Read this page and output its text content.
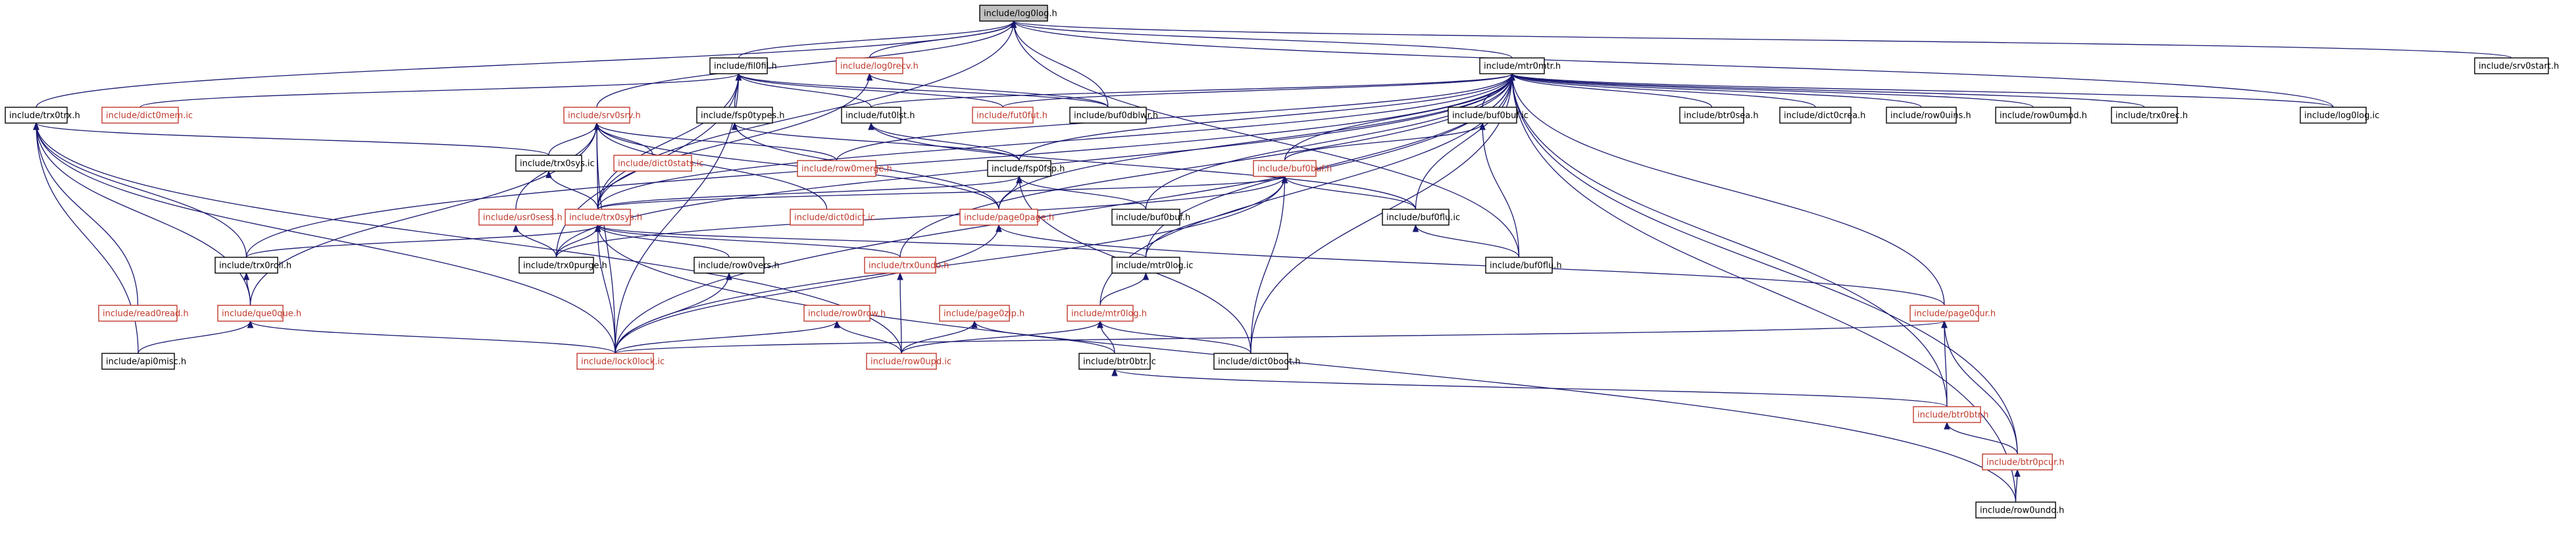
include/log0log.h
include/fil0fil.h	include/log0recv.h	include/mtr0mtr.h	include/srv0start.h
include/trx0trx.h	include/dict0mem.ic	include/srv0srv.h	include/fsp0types.h	include/fut0lst.h	include/fut0fut.h	include/buf0dblwr.h	include/buf0buf.ic	include/btr0sea.h	include/dict0crea.h	include/row0uins.h	include/row0umod.h	include/trx0rec.h	include/log0log.ic
include/trx0sys.ic	include/dict0stats.ic
include/row0merge.h	include/fsp0fsp.h	include/buf0buf.h
include/usr0sess.h include/trx0sys.h	include/dict0dict.ic	include/buf0buf.h
include/page0page.h	include/buf0flu.ic
include/trx0roll.h	include/trx0purge.h	include/row0vers.h	include/trx0undo.h	include/mtr0log.ic	include/buf0flu.h
include/read0read.h	include/que0que.h	include/row0row.h	include/page0zip.h	include/mtr0log.h	include/page0cur.h
include/api0misc.h	include/lock0lock.ic	include/row0upd.ic	include/btr0btr.ic	include/dict0boot.h
include/btr0btr.h
include/btr0pcur.h
include/row0undo.h
